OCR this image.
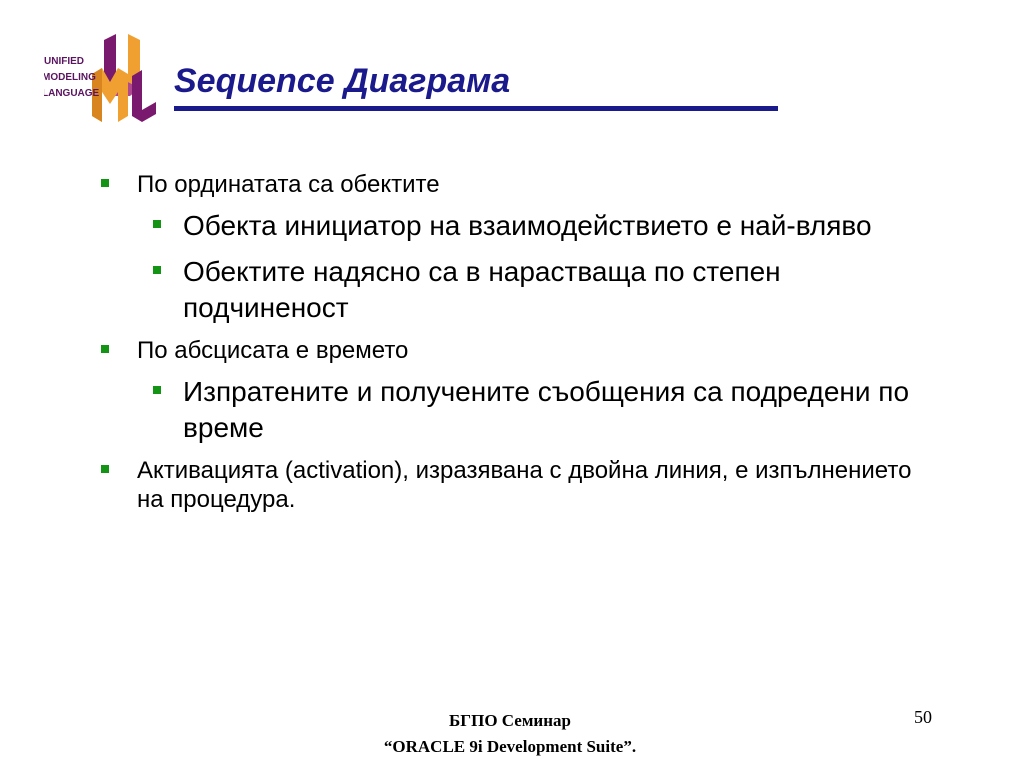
UNIFIED
MODELING
LANGUAGE Sequence Диаграма
По ординатата са обектите
Обекта инициатор на взаимодействието е най-вляво
Обектите надясно са в нарастваща по степен подчиненост
По абсцисата е времето
Изпратените и получените съобщения са подредени по време
Активацията (activation), изразявана с двойна линия, е изпълнението на процедура.
БГПО Семинар
“ORACLE 9i Development Suite”.
50
